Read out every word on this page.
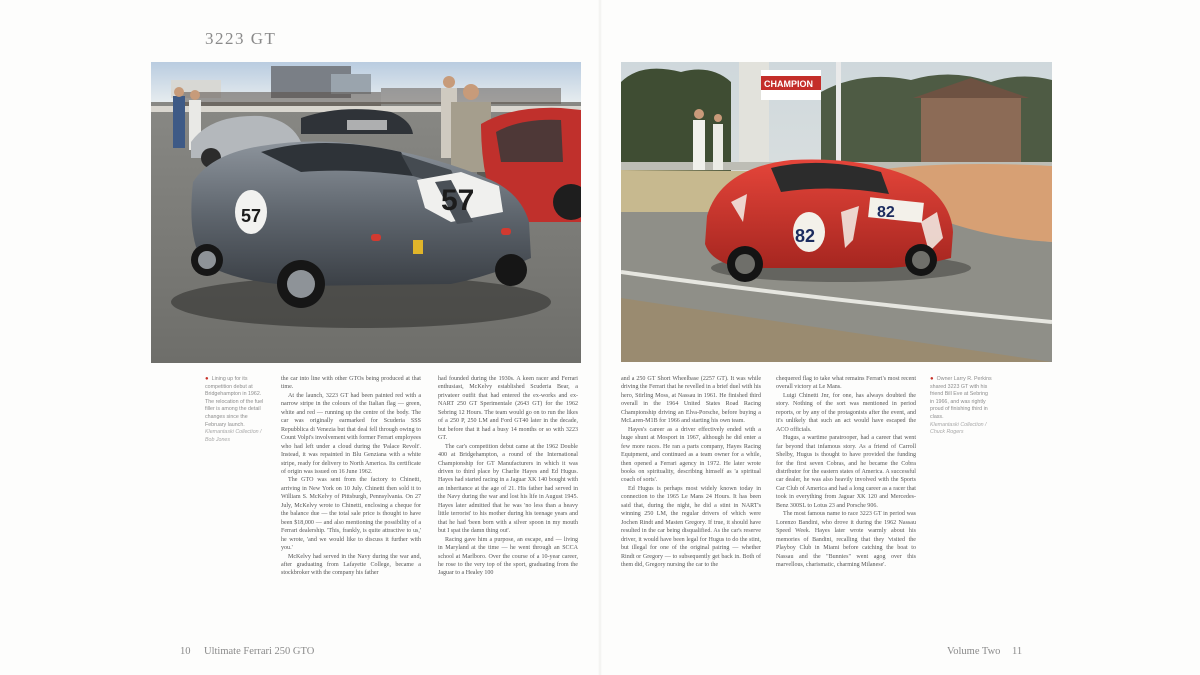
3223 GT
57
57
CHAMPION
82
82
● Lining up for its competition debut at Bridgehampton in 1962. The relocation of the fuel filler is among the detail changes since the February launch.
Klemantaski Collection / Bob Jones
● Owner Larry R. Perkins shared 3223 GT with his friend Bill Eve at Sebring in 1966, and was rightly proud of finishing third in class.
Klemantaski Collection / Chuck Rogers

the car into line with other GTOs being produced at that time.

At the launch, 3223 GT had been painted red with a narrow stripe in the colours of the Italian flag — green, white and red — running up the centre of the body. The car was originally earmarked for Scuderia SSS Repubblica di Venezia but that deal fell through owing to Count Volpi's involvement with former Ferrari employees who had left under a cloud during the 'Palace Revolt'. Instead, it was repainted in Blu Genziana with a white stripe, ready for delivery to North America. Its certificate of origin was issued on 16 June 1962.

The GTO was sent from the factory to Chinetti, arriving in New York on 10 July. Chinetti then sold it to William S. McKelvy of Pittsburgh, Pennsylvania. On 27 July, McKelvy wrote to Chinetti, enclosing a cheque for the balance due — the total sale price is thought to have been $18,000 — and also mentioning the possibility of a Ferrari dealership. 'This, frankly, is quite attractive to us,' he wrote, 'and we would like to discuss it further with you.'

McKelvy had served in the Navy during the war and, after graduating from Lafayette College, became a stockbroker with the company his father

had founded during the 1930s. A keen racer and Ferrari enthusiast, McKelvy established Scuderia Bear, a privateer outfit that had entered the ex-works and ex-NART 250 GT Sperimentale (2643 GT) for the 1962 Sebring 12 Hours. The team would go on to run the likes of a 250 P, 250 LM and Ford GT40 later in the decade, but before that it had a busy 14 months or so with 3223 GT.

The car's competition debut came at the 1962 Double 400 at Bridgehampton, a round of the International Championship for GT Manufacturers in which it was driven to third place by Charlie Hayes and Ed Hugus. Hayes had started racing in a Jaguar XK 140 bought with an inheritance at the age of 21. His father had served in the Navy during the war and lost his life in August 1945. Hayes later admitted that he was 'no less than a heavy little terrorist' to his mother during his teenage years and that he had 'been born with a silver spoon in my mouth but I spat the damn thing out'.

Racing gave him a purpose, an escape, and — living in Maryland at the time — he went through an SCCA school at Marlboro. Over the course of a 10-year career, he rose to the very top of the sport, graduating from the Jaguar to a Healey 100

and a 250 GT Short Wheelbase (2257 GT). It was while driving the Ferrari that he revelled in a brief duel with his hero, Stirling Moss, at Nassau in 1961. He finished third overall in the 1964 United States Road Racing Championship driving an Elva-Porsche, before buying a McLaren-M1B for 1966 and starting his own team.

Hayes's career as a driver effectively ended with a huge shunt at Mosport in 1967, although he did enter a few more races. He ran a parts company, Hayes Racing Equipment, and continued as a team owner for a while, then opened a Ferrari agency in 1972. He later wrote books on spirituality, describing himself as 'a spiritual coach of sorts'.

Ed Hugus is perhaps most widely known today in connection to the 1965 Le Mans 24 Hours. It has been said that, during the night, he did a stint in NART's winning 250 LM, the regular drivers of which were Jochen Rindt and Masten Gregory. If true, it should have resulted in the car being disqualified. As the car's reserve driver, it would have been legal for Hugus to do the stint, but illegal for one of the original pairing — whether Rindt or Gregory — to subsequently get back in. Both of them did, Gregory nursing the car to the

chequered flag to take what remains Ferrari's most recent overall victory at Le Mans.

Luigi Chinetti Jnr, for one, has always doubted the story. Nothing of the sort was mentioned in period reports, or by any of the protagonists after the event, and it's unlikely that such an act would have escaped the ACO officials.

Hugus, a wartime paratrooper, had a career that went far beyond that infamous story. As a friend of Carroll Shelby, Hugus is thought to have provided the funding for the first seven Cobras, and he became the Cobra distributor for the eastern states of America. A successful car dealer, he was also heavily involved with the Sports Car Club of America and had a long career as a racer that took in everything from Jaguar XK 120 and Mercedes-Benz 300SL to Lotus 23 and Porsche 906.

The most famous name to race 3223 GT in period was Lorenzo Bandini, who drove it during the 1962 Nassau Speed Week. Hayes later wrote warmly about his memories of Bandini, recalling that they 'visited the Playboy Club in Miami before catching the boat to Nassau and the "Bunnies" went agog over this marvellous, charismatic, charming Milanese'.

10 Ultimate Ferrari 250 GTO	Volume Two 11
